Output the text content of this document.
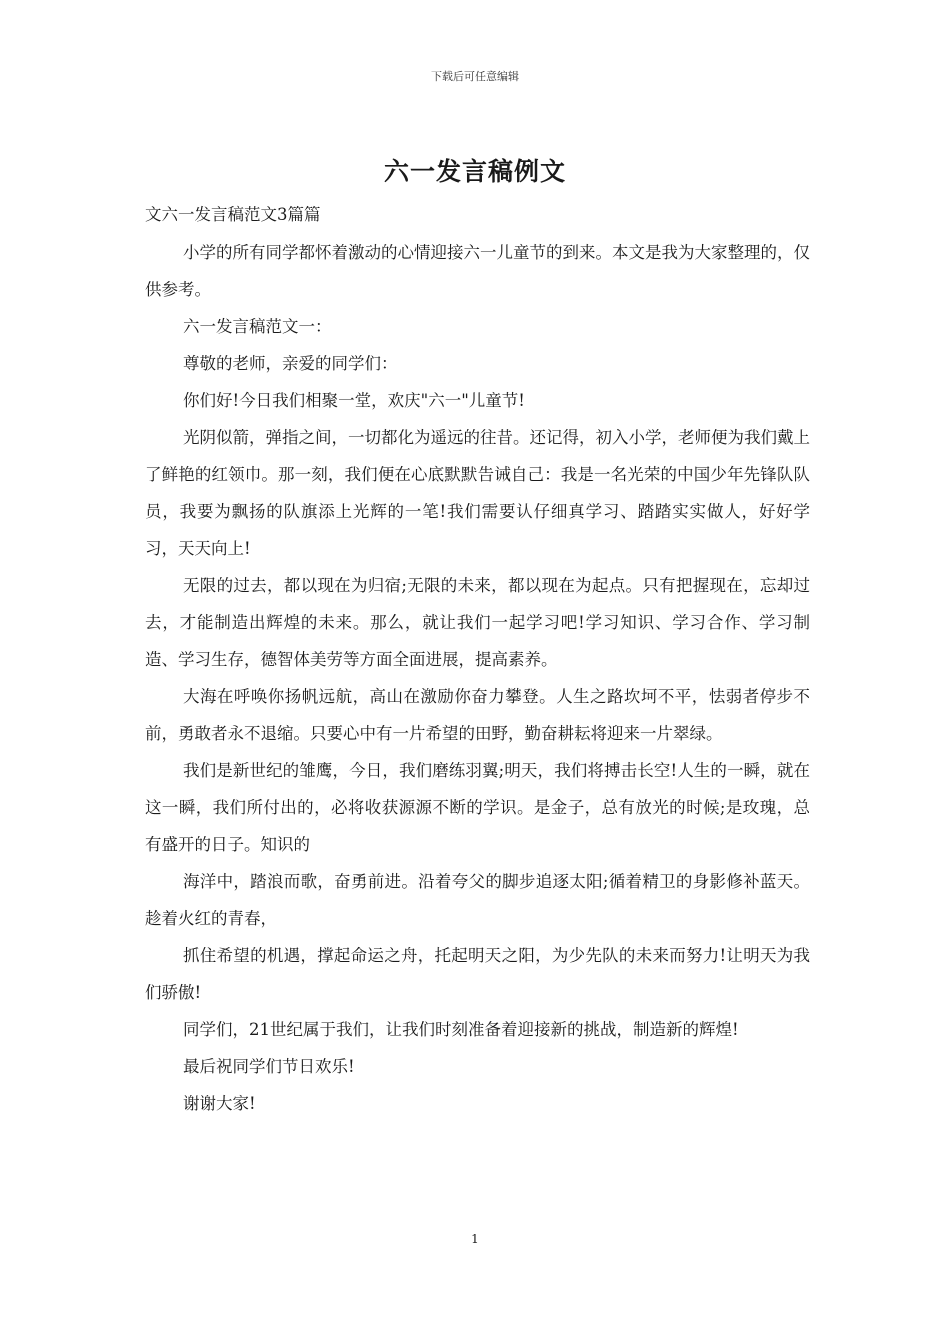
下载后可任意编辑
六一发言稿例文
文六一发言稿范文3篇篇

小学的所有同学都怀着激动的心情迎接六一儿童节的到来。本文是我为大家整理的，仅供参考。

六一发言稿范文一：

尊敬的老师，亲爱的同学们：

你们好!今日我们相聚一堂，欢庆"六一"儿童节!

光阴似箭，弹指之间，一切都化为遥远的往昔。还记得，初入小学，老师便为我们戴上了鲜艳的红领巾。那一刻，我们便在心底默默告诫自己：我是一名光荣的中国少年先锋队队员，我要为飘扬的队旗添上光辉的一笔!我们需要认仔细真学习、踏踏实实做人，好好学习，天天向上!

无限的过去，都以现在为归宿;无限的未来，都以现在为起点。只有把握现在，忘却过去，才能制造出辉煌的未来。那么，就让我们一起学习吧!学习知识、学习合作、学习制造、学习生存，德智体美劳等方面全面进展，提高素养。

大海在呼唤你扬帆远航，高山在激励你奋力攀登。人生之路坎坷不平，怯弱者停步不前，勇敢者永不退缩。只要心中有一片希望的田野，勤奋耕耘将迎来一片翠绿。

我们是新世纪的雏鹰，今日，我们磨练羽翼;明天，我们将搏击长空!人生的一瞬，就在这一瞬，我们所付出的，必将收获源源不断的学识。是金子，总有放光的时候;是玫瑰，总有盛开的日子。知识的

海洋中，踏浪而歌，奋勇前进。沿着夸父的脚步追逐太阳;循着精卫的身影修补蓝天。趁着火红的青春，

抓住希望的机遇，撑起命运之舟，托起明天之阳，为少先队的未来而努力!让明天为我们骄傲!

同学们，21世纪属于我们，让我们时刻准备着迎接新的挑战，制造新的辉煌!

最后祝同学们节日欢乐!

谢谢大家!

1
